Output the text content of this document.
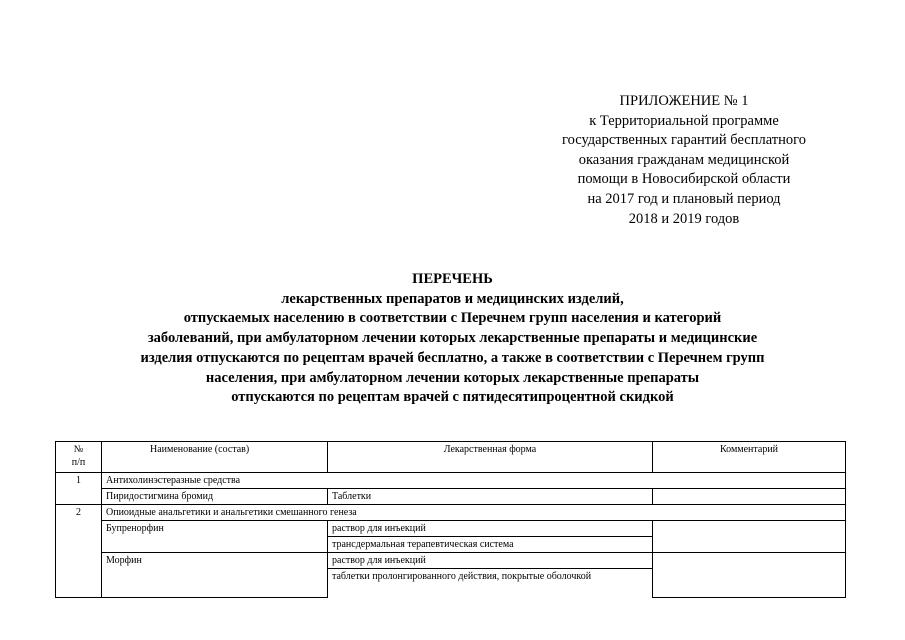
ПРИЛОЖЕНИЕ № 1
к Территориальной программе
государственных гарантий бесплатного
оказания гражданам медицинской
помощи в Новосибирской области
на 2017 год и плановый период
2018 и 2019 годов
ПЕРЕЧЕНЬ
лекарственных препаратов и медицинских изделий,
отпускаемых населению в соответствии с Перечнем групп населения и категорий
заболеваний, при амбулаторном лечении которых лекарственные препараты и медицинские
изделия отпускаются по рецептам врачей бесплатно, а также в соответствии с Перечнем групп
населения, при амбулаторном лечении которых лекарственные препараты
отпускаются по рецептам врачей с пятидесятипроцентной скидкой
№
п/п	Наименование (состав)	Лекарственная форма	Комментарий
1	Антихолинэстеразные средства		
	Пиридостигмина бромид	Таблетки	
2	Опиоидные анальгетики и анальгетики смешанного генеза		
	Бупренорфин	раствор для инъекций	
		трансдермальная терапевтическая система	
	Морфин	раствор для инъекций	
		таблетки пролонгированного действия, покрытые оболочкой	
